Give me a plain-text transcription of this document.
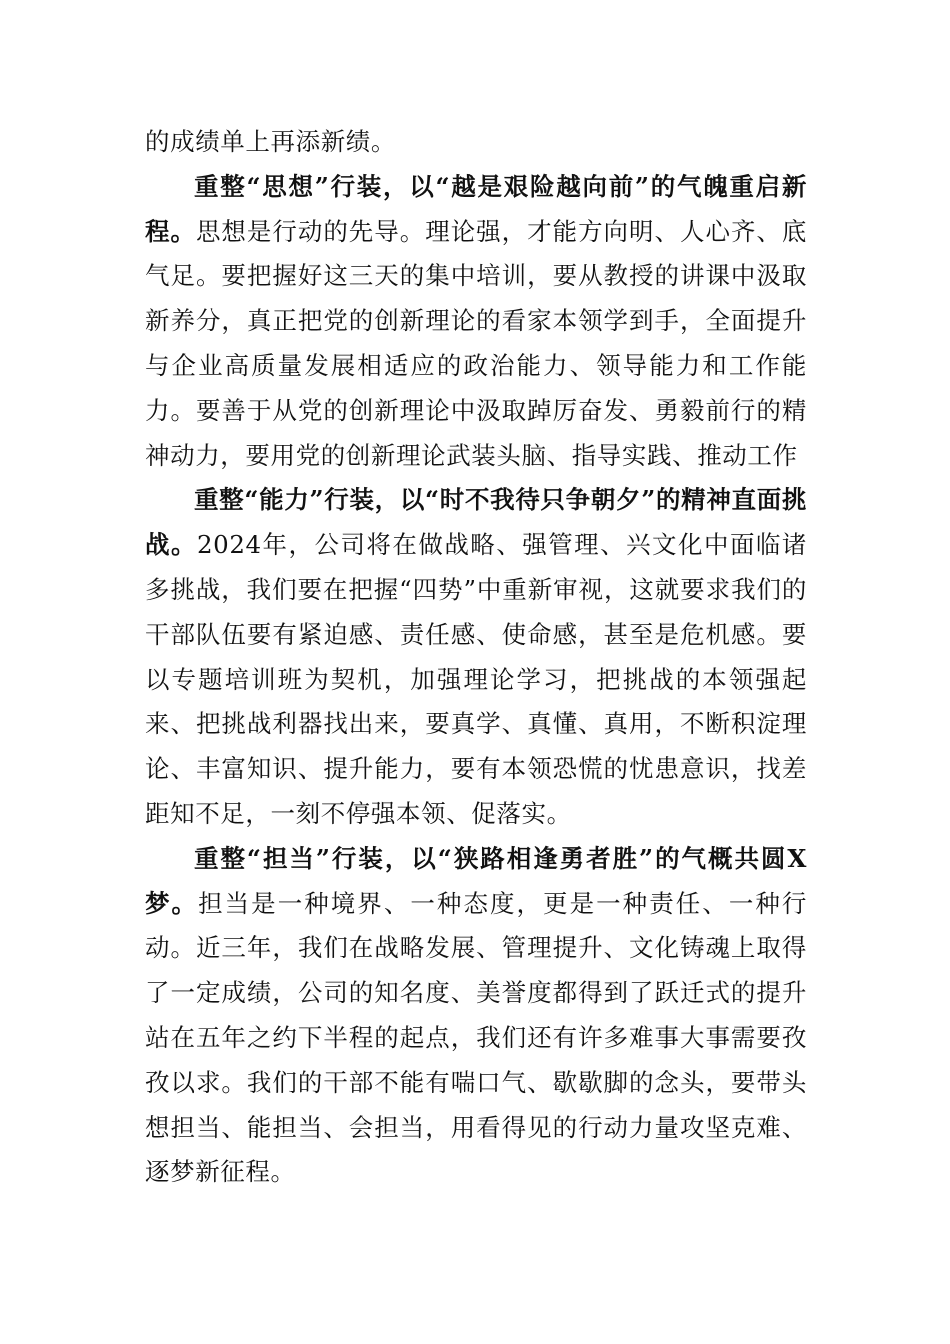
的成绩单上再添新绩。

重整“思想”行装，以“越是艰险越向前”的气魄重启新程。思想是行动的先导。理论强，才能方向明、人心齐、底气足。要把握好这三天的集中培训，要从教授的讲课中汲取新养分，真正把党的创新理论的看家本领学到手，全面提升与企业高质量发展相适应的政治能力、领导能力和工作能力。要善于从党的创新理论中汲取踔厉奋发、勇毅前行的精神动力，要用党的创新理论武装头脑、指导实践、推动工作

重整“能力”行装，以“时不我待只争朝夕”的精神直面挑战。2024年，公司将在做战略、强管理、兴文化中面临诸多挑战，我们要在把握“四势”中重新审视，这就要求我们的干部队伍要有紧迫感、责任感、使命感，甚至是危机感。要以专题培训班为契机，加强理论学习，把挑战的本领强起来、把挑战利器找出来，要真学、真懂、真用，不断积淀理论、丰富知识、提升能力，要有本领恐慌的忧患意识，找差距知不足，一刻不停强本领、促落实。

重整“担当”行装，以“狭路相逢勇者胜”的气概共圆X梦。担当是一种境界、一种态度，更是一种责任、一种行动。近三年，我们在战略发展、管理提升、文化铸魂上取得了一定成绩，公司的知名度、美誉度都得到了跃迁式的提升站在五年之约下半程的起点，我们还有许多难事大事需要孜孜以求。我们的干部不能有喘口气、歇歇脚的念头，要带头想担当、能担当、会担当，用看得见的行动力量攻坚克难、逐梦新征程。
